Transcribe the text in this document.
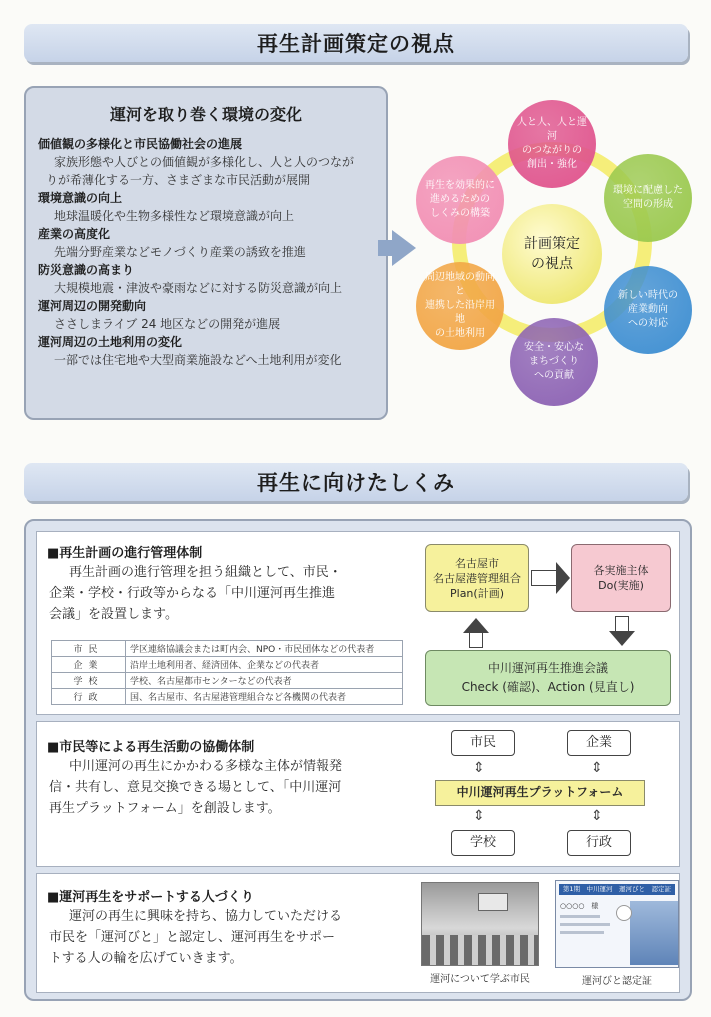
再生計画策定の視点
運河を取り巻く環境の変化
価値観の多様化と市民協働社会の進展
家族形態や人びとの価値観が多様化し、人と人のつなが
りが希薄化する一方、さまざまな市民活動が展開
環境意識の向上
地球温暖化や生物多様性など環境意識が向上
産業の高度化
先端分野産業などモノづくり産業の誘致を推進
防災意識の高まり
大規模地震・津波や豪雨などに対する防災意識が向上
運河周辺の開発動向
ささしまライブ 24 地区などの開発が進展
運河周辺の土地利用の変化
一部では住宅地や大型商業施設などへ土地利用が変化
計画策定
の視点
人と人、人と運河
のつながりの
創出・強化
環境に配慮した
空間の形成
新しい時代の
産業動向
への対応
安全・安心な
まちづくり
への貢献
周辺地域の動向と
連携した沿岸用地
の土地利用
再生を効果的に
進めるための
しくみの構築
再生に向けたしくみ
■再生計画の進行管理体制
再生計画の進行管理を担う組織として、市民・
企業・学校・行政等からなる「中川運河再生推進
会議」を設置します。
市民	学区連絡協議会または町内会、NPO・市民団体などの代表者
企業	沿岸土地利用者、経済団体、企業などの代表者
学校	学校、名古屋都市センターなどの代表者
行政	国、名古屋市、名古屋港管理組合など各機関の代表者
名古屋市
名古屋港管理組合
Plan(計画)
各実施主体
Do(実施)
中川運河再生推進会議
Check (確認)、Action (見直し)
■市民等による再生活動の協働体制
中川運河の再生にかかわる多様な主体が情報発
信・共有し、意見交換できる場として、「中川運河
再生プラットフォーム」を創設します。
市民	企業
⇕	⇕
中川運河再生プラットフォーム
⇕	⇕
学校	行政
■運河再生をサポートする人づくり
運河の再生に興味を持ち、協力していただける
市民を「運河びと」と認定し、運河再生をサポー
トする人の輪を広げていきます。
運河について学ぶ市民
第1期　中川運河　運河びと　認定証
○○○○　様
運河びと認定証
